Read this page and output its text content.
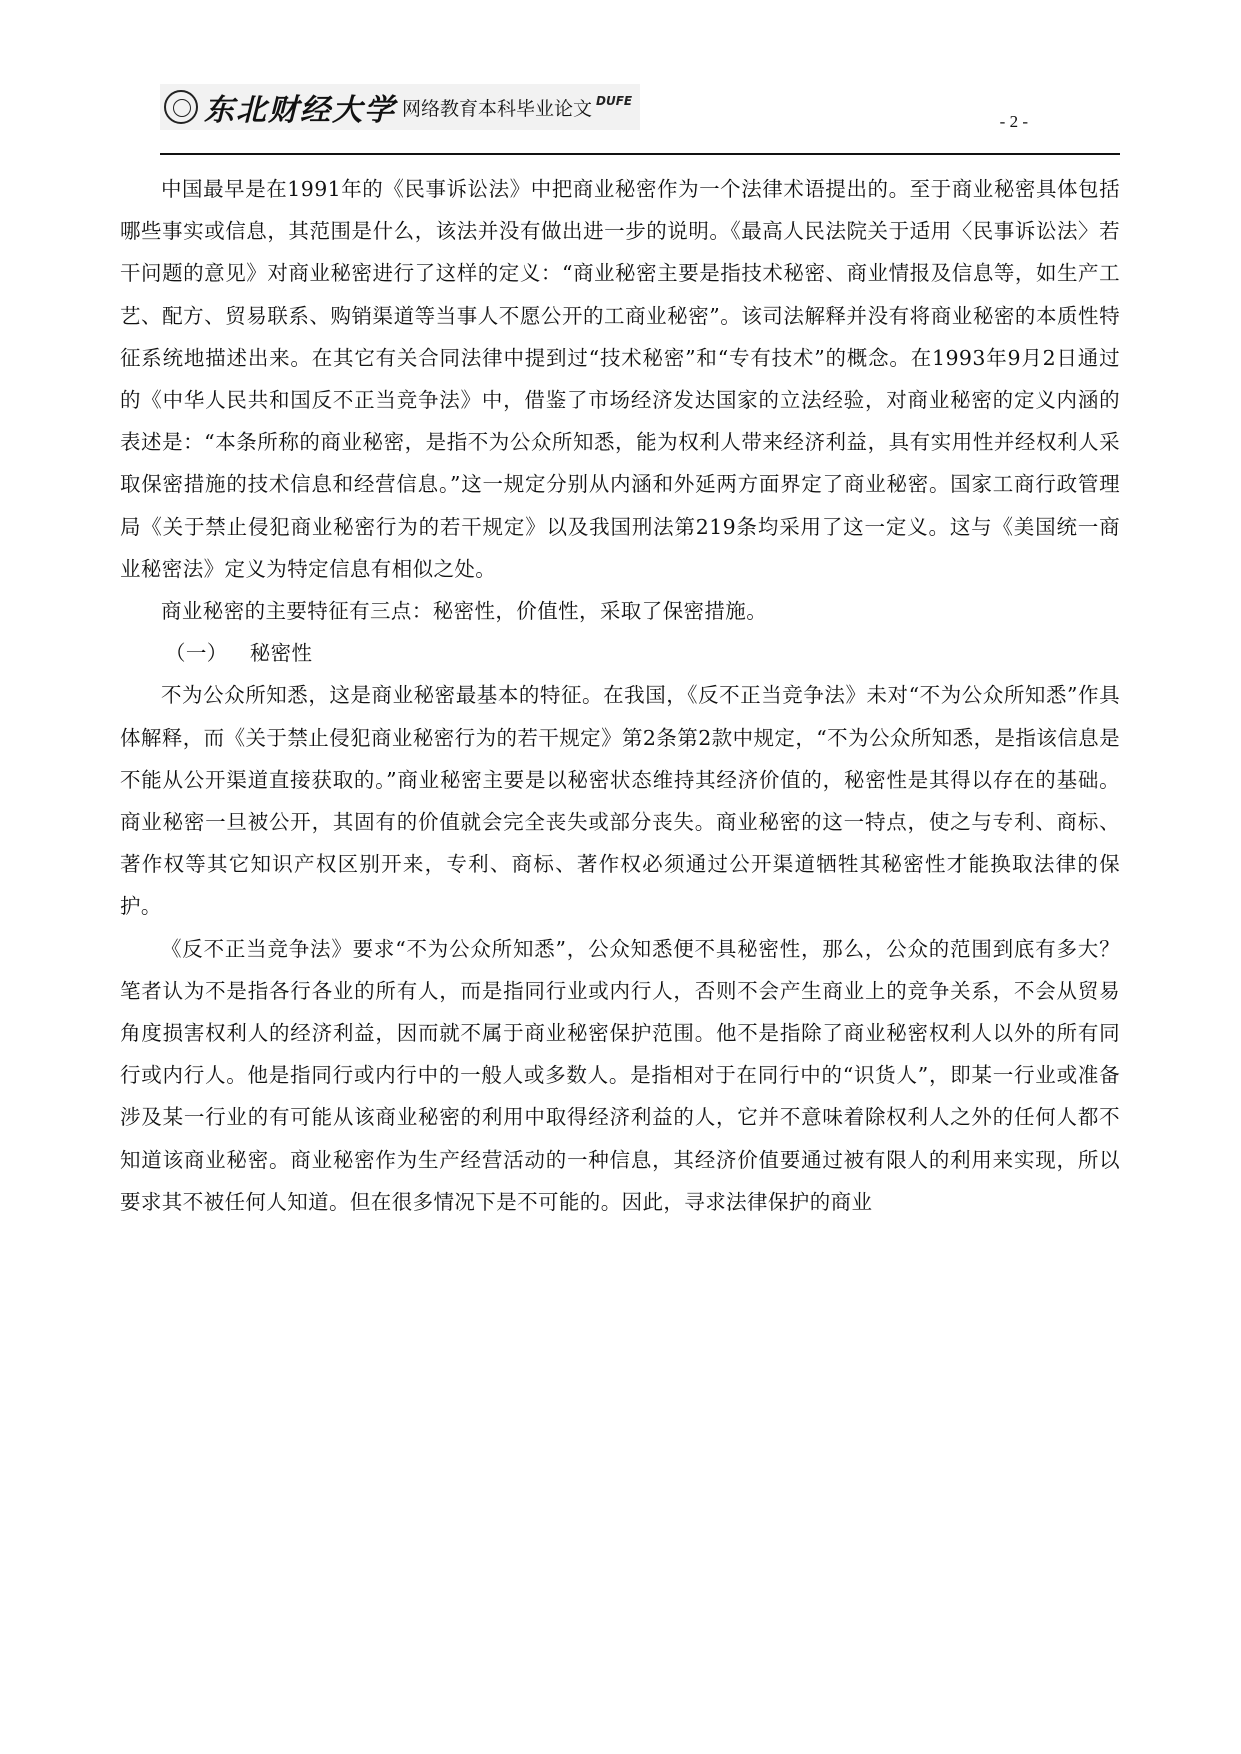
东北财经大学 网络教育本科毕业论文 DUFE
- 2 -

中国最早是在1991年的《民事诉讼法》中把商业秘密作为一个法律术语提出的。至于商业秘密具体包括哪些事实或信息，其范围是什么，该法并没有做出进一步的说明。《最高人民法院关于适用〈民事诉讼法〉若干问题的意见》对商业秘密进行了这样的定义：“商业秘密主要是指技术秘密、商业情报及信息等，如生产工艺、配方、贸易联系、购销渠道等当事人不愿公开的工商业秘密”。该司法解释并没有将商业秘密的本质性特征系统地描述出来。在其它有关合同法律中提到过“技术秘密”和“专有技术”的概念。在1993年9月2日通过的《中华人民共和国反不正当竞争法》中，借鉴了市场经济发达国家的立法经验，对商业秘密的定义内涵的表述是：“本条所称的商业秘密，是指不为公众所知悉，能为权利人带来经济利益，具有实用性并经权利人采取保密措施的技术信息和经营信息。”这一规定分别从内涵和外延两方面界定了商业秘密。国家工商行政管理局《关于禁止侵犯商业秘密行为的若干规定》以及我国刑法第219条均采用了这一定义。这与《美国统一商业秘密法》定义为特定信息有相似之处。

商业秘密的主要特征有三点：秘密性，价值性，采取了保密措施。

（一） 秘密性

不为公众所知悉，这是商业秘密最基本的特征。在我国，《反不正当竞争法》未对“不为公众所知悉”作具体解释，而《关于禁止侵犯商业秘密行为的若干规定》第2条第2款中规定，“不为公众所知悉，是指该信息是不能从公开渠道直接获取的。”商业秘密主要是以秘密状态维持其经济价值的，秘密性是其得以存在的基础。商业秘密一旦被公开，其固有的价值就会完全丧失或部分丧失。商业秘密的这一特点，使之与专利、商标、著作权等其它知识产权区别开来，专利、商标、著作权必须通过公开渠道牺牲其秘密性才能换取法律的保护。

《反不正当竞争法》要求“不为公众所知悉”，公众知悉便不具秘密性，那么，公众的范围到底有多大？笔者认为不是指各行各业的所有人，而是指同行业或内行人，否则不会产生商业上的竞争关系，不会从贸易角度损害权利人的经济利益，因而就不属于商业秘密保护范围。他不是指除了商业秘密权利人以外的所有同行或内行人。他是指同行或内行中的一般人或多数人。是指相对于在同行中的“识货人”，即某一行业或准备涉及某一行业的有可能从该商业秘密的利用中取得经济利益的人，它并不意味着除权利人之外的任何人都不知道该商业秘密。商业秘密作为生产经营活动的一种信息，其经济价值要通过被有限人的利用来实现，所以要求其不被任何人知道。但在很多情况下是不可能的。因此，寻求法律保护的商业
